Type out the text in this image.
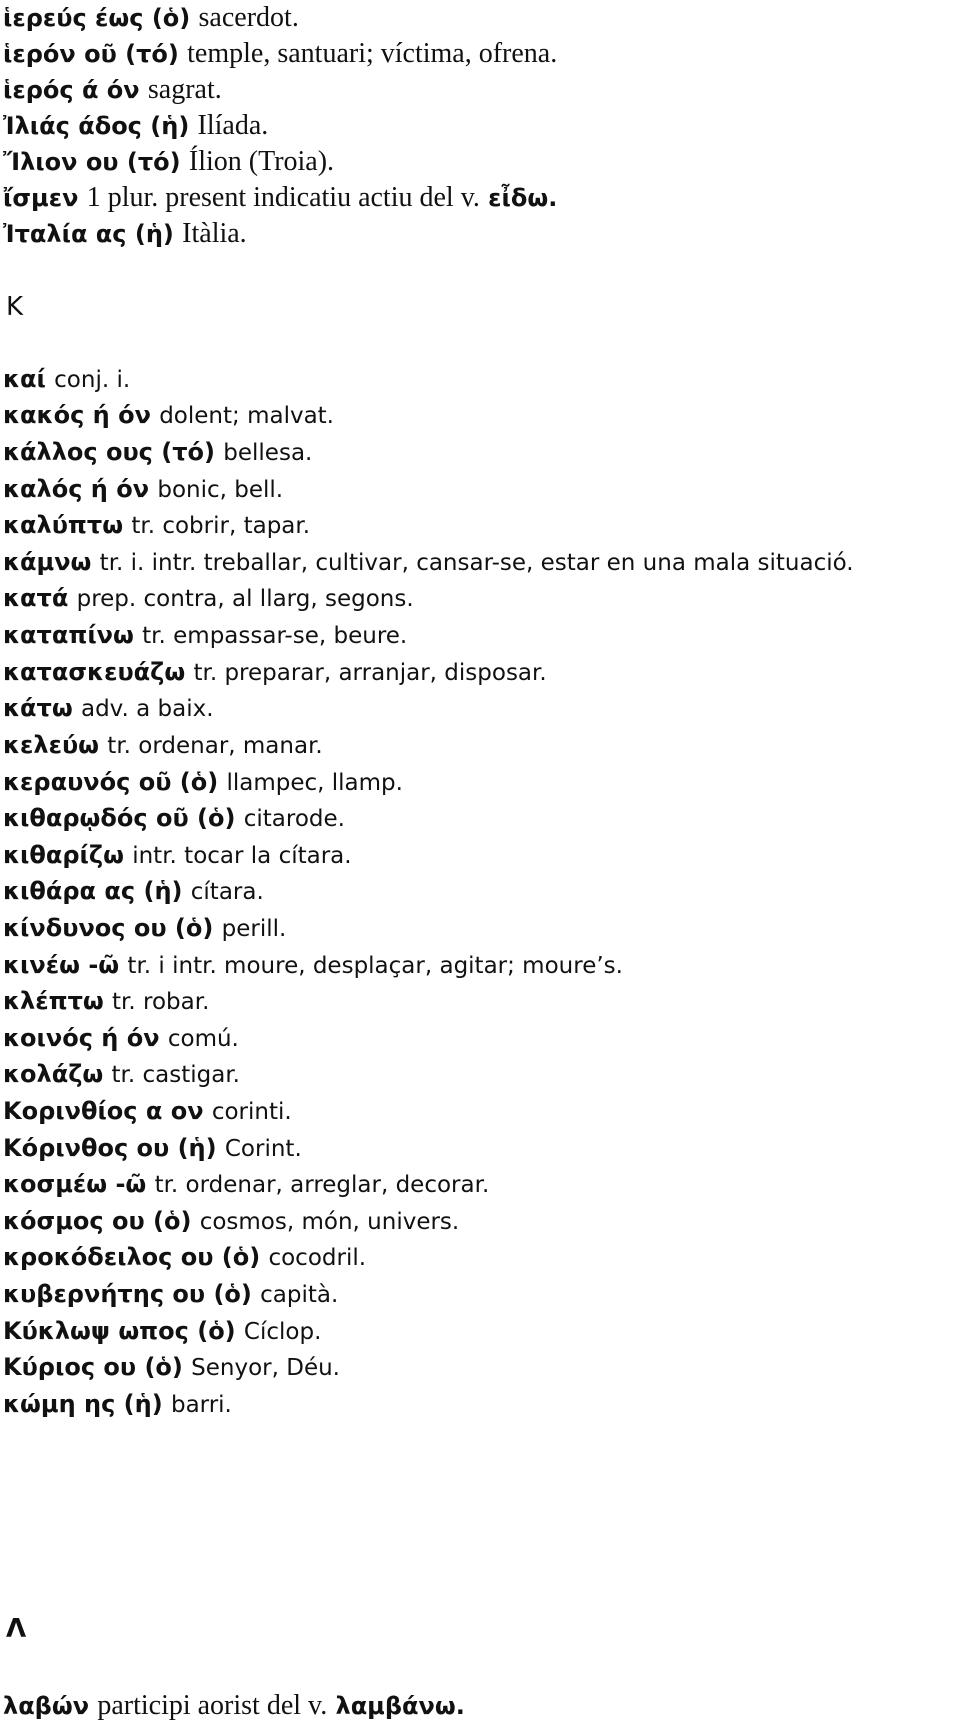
ἱερεύς έως (ὁ) sacerdot.
ἱερόν οῦ (τό) temple, santuari; víctima, ofrena.
ἱερός ά όν sagrat.
Ἰλιάς άδος (ἡ) Ilíada.
Ἴλιον ου (τό) Ílion (Troia).
ἴσμεν 1 plur. present indicatiu actiu del v. εἶδω.
Ἰταλία ας (ἡ) Itàlia.
Κ
καί conj. i.
κακός ή όν dolent; malvat.
κάλλος ους (τό) bellesa.
καλός ή όν bonic, bell.
καλύπτω tr. cobrir, tapar.
κάμνω tr. i. intr. treballar, cultivar, cansar-se, estar en una mala situació.
κατά prep. contra, al llarg, segons.
καταπίνω tr. empassar-se, beure.
κατασκευάζω tr. preparar, arranjar, disposar.
κάτω adv. a baix.
κελεύω tr. ordenar, manar.
κεραυνός οῦ (ὁ) llampec, llamp.
κιθαρῳδός οῦ (ὁ) citarode.
κιθαρίζω intr. tocar la cítara.
κιθάρα ας (ἡ) cítara.
κίνδυνος ου (ὁ) perill.
κινέω -ῶ tr. i intr. moure, desplaçar, agitar; moure’s.
κλέπτω tr. robar.
κοινός ή όν comú.
κολάζω tr. castigar.
Κορινθίος α ον corinti.
Κόρινθος ου (ἡ) Corint.
κοσμέω -ῶ tr. ordenar, arreglar, decorar.
κόσμος ου (ὁ) cosmos, món, univers.
κροκόδειλος ου (ὁ) cocodril.
κυβερνήτης ου (ὁ) capità.
Κύκλωψ ωπος (ὁ) Cíclop.
Κύριος ου (ὁ) Senyor, Déu.
κώμη ης (ἡ) barri.
Λ
λαβών participi aorist del v. λαμβάνω.
